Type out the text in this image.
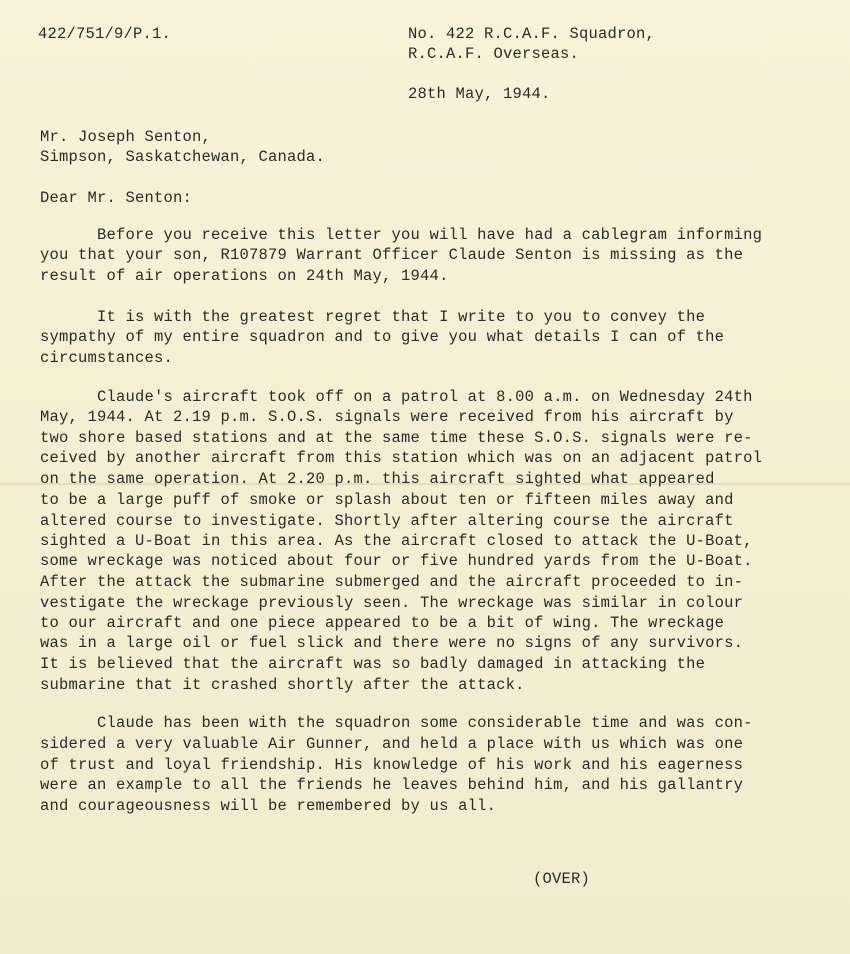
422/751/9/P.1.	No. 422 R.C.A.F. Squadron,
R.C.A.F. Overseas.
28th May, 1944.
Mr. Joseph Senton,
Simpson, Saskatchewan, Canada.
Dear Mr. Senton:
Before you receive this letter you will have had a cablegram informing
you that your son, R107879 Warrant Officer Claude Senton is missing as the
result of air operations on 24th May, 1944.
It is with the greatest regret that I write to you to convey the
sympathy of my entire squadron and to give you what details I can of the
circumstances.
Claude's aircraft took off on a patrol at 8.00 a.m. on Wednesday 24th
May, 1944. At 2.19 p.m. S.O.S. signals were received from his aircraft by
two shore based stations and at the same time these S.O.S. signals were re-
ceived by another aircraft from this station which was on an adjacent patrol
on the same operation. At 2.20 p.m. this aircraft sighted what appeared
to be a large puff of smoke or splash about ten or fifteen miles away and
altered course to investigate. Shortly after altering course the aircraft
sighted a U-Boat in this area. As the aircraft closed to attack the U-Boat,
some wreckage was noticed about four or five hundred yards from the U-Boat.
After the attack the submarine submerged and the aircraft proceeded to in-
vestigate the wreckage previously seen. The wreckage was similar in colour
to our aircraft and one piece appeared to be a bit of wing. The wreckage
was in a large oil or fuel slick and there were no signs of any survivors.
It is believed that the aircraft was so badly damaged in attacking the
submarine that it crashed shortly after the attack.
Claude has been with the squadron some considerable time and was con-
sidered a very valuable Air Gunner, and held a place with us which was one
of trust and loyal friendship. His knowledge of his work and his eagerness
were an example to all the friends he leaves behind him, and his gallantry
and courageousness will be remembered by us all.
(OVER)
